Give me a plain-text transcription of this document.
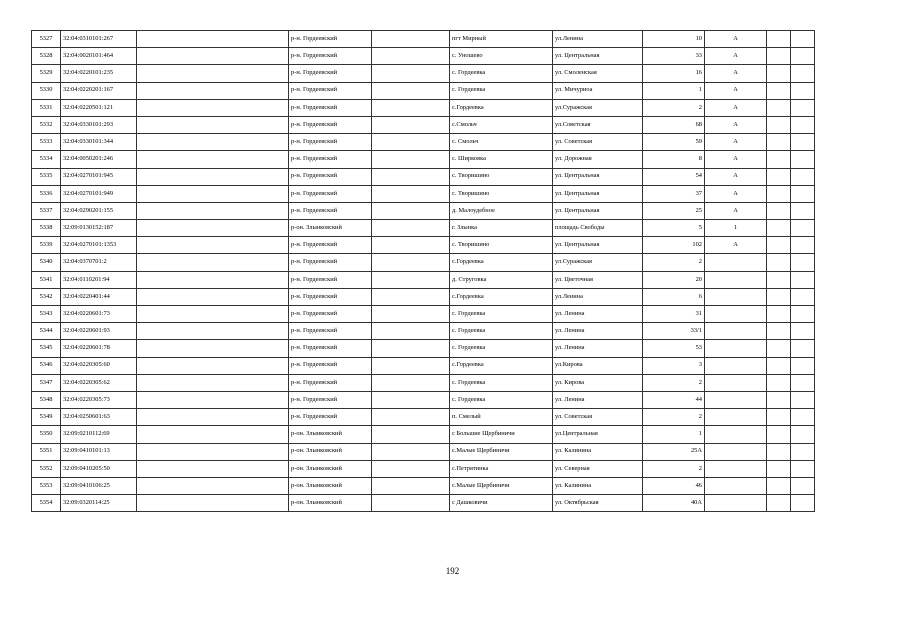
5327	32:04:0310101:267		р-н. Гордеевский		пгт Мирный	ул.Ленина	10	А		
5328	32:04:0020101:464		р-н. Гордеевский		с. Уношево	ул. Центральная	33	А		
5329	32:04:0220101:235		р-н. Гордеевский		с. Гордеевка	ул. Смоленская	16	А		
5330	32:04:0220201:167		р-н. Гордеевский		с. Гордеевка	ул. Мичуриоа	1	А		
5331	32:04:0220501:121		р-н. Гордеевский		с.Гордеевка	ул.Суражская	2	А		
5332	32:04:0330101:293		р-н. Гордеевский		с.Смольч	ул.Советская	68	А		
5333	32:04:0330101:344		р-н. Гордеевский		с. Смольч	ул. Советская	59	А		
5334	32:04:0050201:246		р-н. Гордеевский		с. Ширковка	ул. Дорожная	8	А		
5335	32:04:0270101:945		р-н. Гордеевский		с. Творишино	ул. Центральная	54	А		
5336	32:04:0270101:949		р-н. Гордеевский		с. Творишино	ул. Центральная	37	А		
5337	32:04:0290201:155		р-н. Гордеевский		д. Малоудебное	ул. Центральная	25	А		
5338	32:09:0130152:187		р-он. Злынковский		г. Злынка	площадь Свободы	5	1		
5339	32:04:0270101:1353		р-н. Гордеевский		с. Творишино	ул. Центральная	102	А		
5340	32:04:0370701:2		р-н. Гордеевский		с.Гордеевка	ул.Суражская	2			
5341	32:04:0110201:94		р-н. Гордеевский		д. Струговка	ул. Цветочная	20			
5342	32:04:0220401:44		р-н. Гордеевский		с.Гордеевка	ул.Ленина	6			
5343	32:04:0220601:73		р-н. Гордеевский		с. Гордеевка	ул. Ленина	31			
5344	32:04:0220601:93		р-н. Гордеевский		с. Гордеевка	ул. Ленина	33/1			
5345	32:04:0220601:78		р-н. Гордеевский		с. Гордеевка	ул. Ленина	53			
5346	32:04:0220305:60		р-н. Гордеевский		с.Гордеевка	ул.Кирова	3			
5347	32:04:0220305:62		р-н. Гордеевский		с. Гордеевка	ул. Кирова	2			
5348	32:04:0220305:73		р-н. Гордеевский		с. Гордеевка	ул. Ленина	44			
5349	32:04:0250601:63		р-н. Гордеевский		п. Смелый	ул. Советская	2			
5350	32:09:0210112:69		р-он. Злынковский		с Большие Щербиничи	ул.Центральная	1			
5351	32:09:0410101:13		р-он. Злынковский		с.Малые Щербиничи	ул. Калинина	25А			
5352	32:09:0410205:50		р-он. Злынковский		с.Петрятинка	ул. Северная	2			
5353	32:09:0410106:25		р-он. Злынковский		с.Малые Щербиничи	ул. Калинина	46			
5354	32:09:0320114:25		р-он. Злынковский		с Дашковичи	ул. Октябрьская	40А			
192
